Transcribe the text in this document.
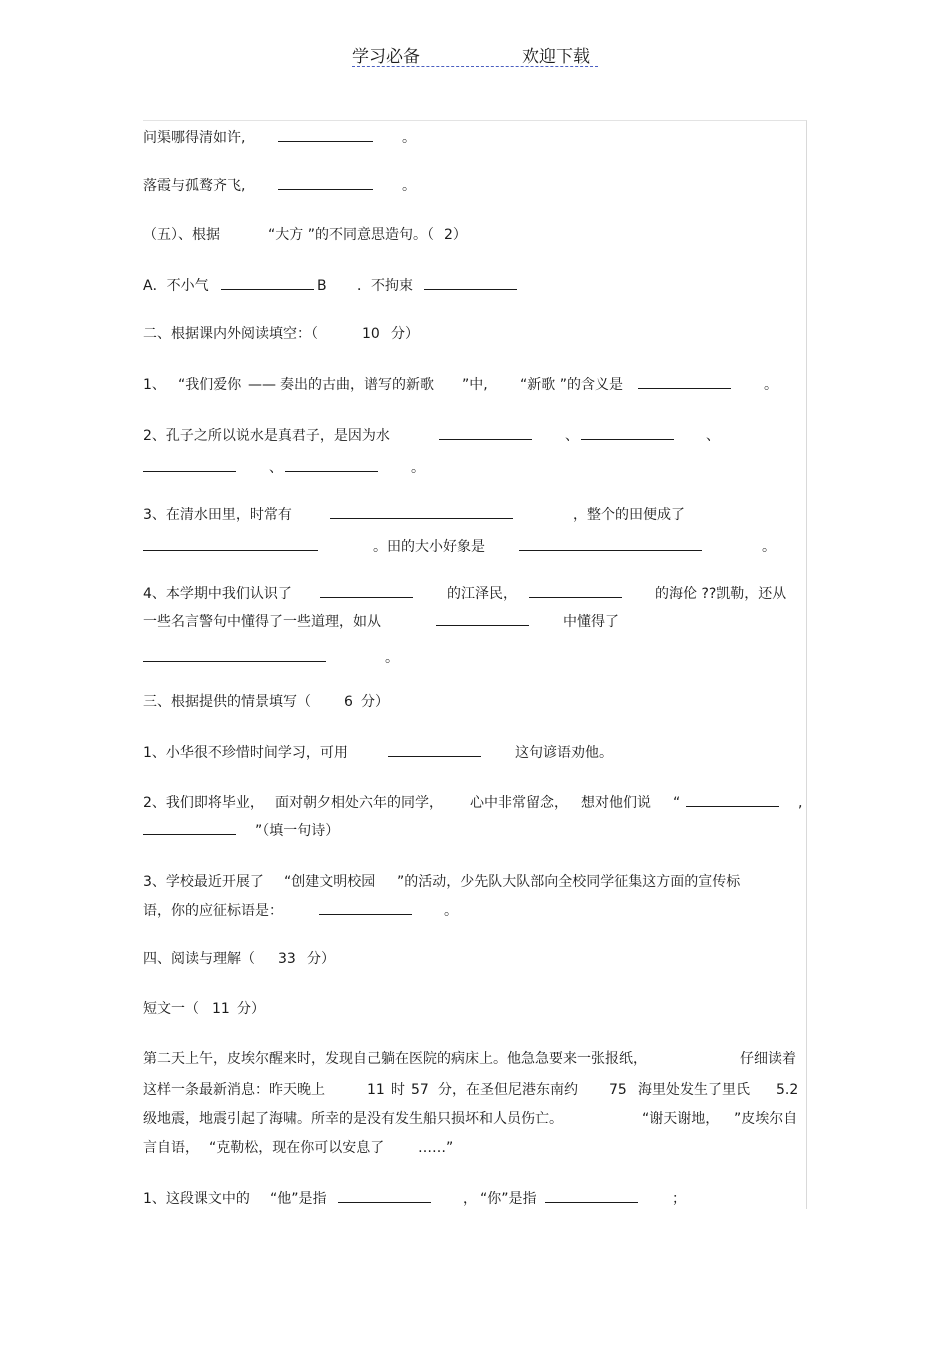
学习必备	欢迎下载
问渠哪得清如许,	。
落霞与孤鹜齐飞,	。
（五）、根据	“大方 ”的不同意思造句。（ 2）
A．不小气	B ．不拘束
二、根据课内外阅读填空：（	10 分）
1、 “我们爱你 —— 奏出的古曲，谱写的新歌 ”中, “新歌 ”的含义是	。
2、孔子之所以说水是真君子，是因为水	、	、
、	。
3、在清水田里，时常有	，整个的田便成了
。田的大小好象是	。
4、本学期中我们认识了	的江泽民，	的海伦 ??凯勒，还从
一些名言警句中懂得了一些道理，如从	中懂得了
。
三、根据提供的情景填写（ 6 分）
1、小华很不珍惜时间学习，可用	这句谚语劝他。
2、我们即将毕业， 面对朝夕相处六年的同学， 心中非常留念， 想对他们说 “	,
”（填一句诗）
3、学校最近开展了 “创建文明校园 ”的活动，少先队大队部向全校同学征集这方面的宣传标
语，你的应征标语是：	。
四、阅读与理解（ 33 分）
短文一（ 11 分）
第二天上午，皮埃尔醒来时，发现自己躺在医院的病床上。他急急要来一张报纸，	仔细读着
这样一条最新消息：昨天晚上	11 时 57 分，在圣但尼港东南约 75 海里处发生了里氏 5.2
级地震，地震引起了海啸。所幸的是没有发生船只损坏和人员伤亡。	“谢天谢地， ”皮埃尔自
言自语， “克勒松，现在你可以安息了 ……”
1、这段课文中的 “他”是指	， “你”是指	；
